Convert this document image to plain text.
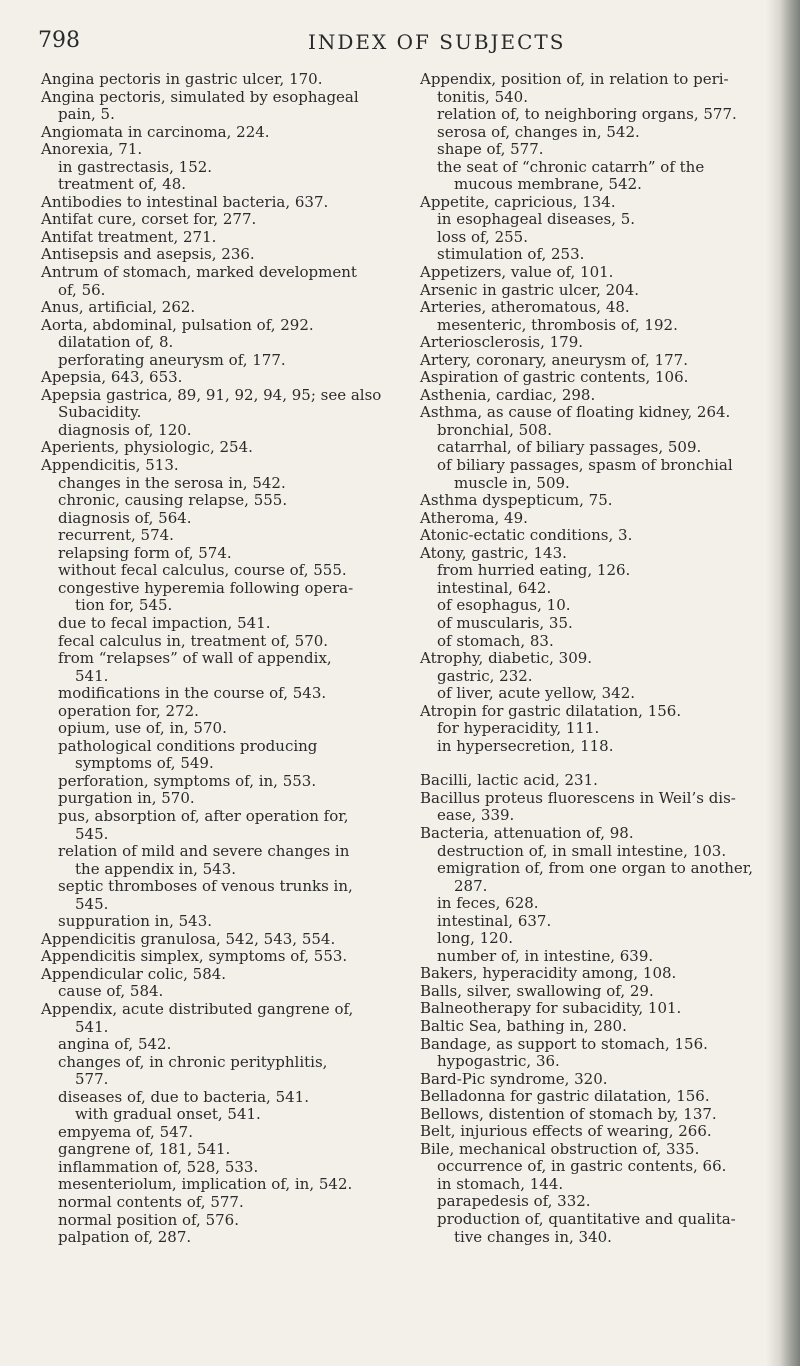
798	INDEX OF SUBJECTS
Angina pectoris in gastric ulcer, 170.
Angina pectoris, simulated by esophageal
pain, 5.
Angiomata in carcinoma, 224.
Anorexia, 71.
in gastrectasis, 152.
treatment of, 48.
Antibodies to intestinal bacteria, 637.
Antifat cure, corset for, 277.
Antifat treatment, 271.
Antisepsis and asepsis, 236.
Antrum of stomach, marked development
of, 56.
Anus, artificial, 262.
Aorta, abdominal, pulsation of, 292.
dilatation of, 8.
perforating aneurysm of, 177.
Apepsia, 643, 653.
Apepsia gastrica, 89, 91, 92, 94, 95; see also
Subacidity.
diagnosis of, 120.
Aperients, physiologic, 254.
Appendicitis, 513.
changes in the serosa in, 542.
chronic, causing relapse, 555.
diagnosis of, 564.
recurrent, 574.
relapsing form of, 574.
without fecal calculus, course of, 555.
congestive hyperemia following opera-
tion for, 545.
due to fecal impaction, 541.
fecal calculus in, treatment of, 570.
from “relapses” of wall of appendix,
541.
modifications in the course of, 543.
operation for, 272.
opium, use of, in, 570.
pathological conditions producing
symptoms of, 549.
perforation, symptoms of, in, 553.
purgation in, 570.
pus, absorption of, after operation for,
545.
relation of mild and severe changes in
the appendix in, 543.
septic thromboses of venous trunks in,
545.
suppuration in, 543.
Appendicitis granulosa, 542, 543, 554.
Appendicitis simplex, symptoms of, 553.
Appendicular colic, 584.
cause of, 584.
Appendix, acute distributed gangrene of,
541.
angina of, 542.
changes of, in chronic perityphlitis,
577.
diseases of, due to bacteria, 541.
with gradual onset, 541.
empyema of, 547.
gangrene of, 181, 541.
inflammation of, 528, 533.
mesenteriolum, implication of, in, 542.
normal contents of, 577.
normal position of, 576.
palpation of, 287.
Appendix, position of, in relation to peri-
tonitis, 540.
relation of, to neighboring organs, 577.
serosa of, changes in, 542.
shape of, 577.
the seat of “chronic catarrh” of the
mucous membrane, 542.
Appetite, capricious, 134.
in esophageal diseases, 5.
loss of, 255.
stimulation of, 253.
Appetizers, value of, 101.
Arsenic in gastric ulcer, 204.
Arteries, atheromatous, 48.
mesenteric, thrombosis of, 192.
Arteriosclerosis, 179.
Artery, coronary, aneurysm of, 177.
Aspiration of gastric contents, 106.
Asthenia, cardiac, 298.
Asthma, as cause of floating kidney, 264.
bronchial, 508.
catarrhal, of biliary passages, 509.
of biliary passages, spasm of bronchial
muscle in, 509.
Asthma dyspepticum, 75.
Atheroma, 49.
Atonic-ectatic conditions, 3.
Atony, gastric, 143.
from hurried eating, 126.
intestinal, 642.
of esophagus, 10.
of muscularis, 35.
of stomach, 83.
Atrophy, diabetic, 309.
gastric, 232.
of liver, acute yellow, 342.
Atropin for gastric dilatation, 156.
for hyperacidity, 111.
in hypersecretion, 118.
Bacilli, lactic acid, 231.
Bacillus proteus fluorescens in Weil’s dis-
ease, 339.
Bacteria, attenuation of, 98.
destruction of, in small intestine, 103.
emigration of, from one organ to another,
287.
in feces, 628.
intestinal, 637.
long, 120.
number of, in intestine, 639.
Bakers, hyperacidity among, 108.
Balls, silver, swallowing of, 29.
Balneotherapy for subacidity, 101.
Baltic Sea, bathing in, 280.
Bandage, as support to stomach, 156.
hypogastric, 36.
Bard-Pic syndrome, 320.
Belladonna for gastric dilatation, 156.
Bellows, distention of stomach by, 137.
Belt, injurious effects of wearing, 266.
Bile, mechanical obstruction of, 335.
occurrence of, in gastric contents, 66.
in stomach, 144.
parapedesis of, 332.
production of, quantitative and qualita-
tive changes in, 340.
